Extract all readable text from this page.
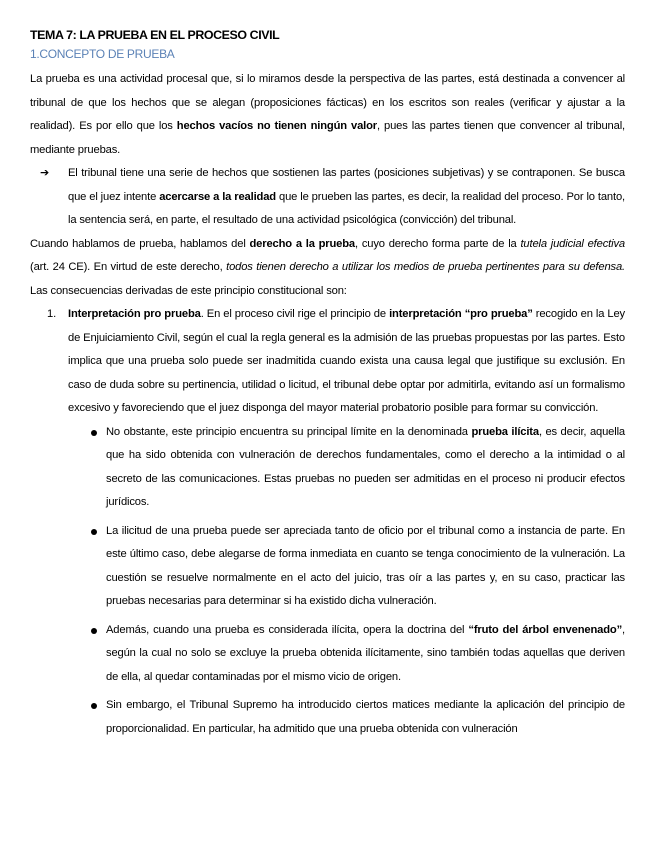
TEMA 7: LA PRUEBA EN EL PROCESO CIVIL
1.CONCEPTO DE PRUEBA

La prueba es una actividad procesal que, si lo miramos desde la perspectiva de las partes, está destinada a convencer al tribunal de que los hechos que se alegan (proposiciones fácticas) en los escritos son reales (verificar y ajustar a la realidad). Es por ello que los hechos vacíos no tienen ningún valor, pues las partes tienen que convencer al tribunal, mediante pruebas.

➔ El tribunal tiene una serie de hechos que sostienen las partes (posiciones subjetivas) y se contraponen. Se busca que el juez intente acercarse a la realidad que le prueben las partes, es decir, la realidad del proceso. Por lo tanto, la sentencia será, en parte, el resultado de una actividad psicológica (convicción) del tribunal.

Cuando hablamos de prueba, hablamos del derecho a la prueba, cuyo derecho forma parte de la tutela judicial efectiva (art. 24 CE). En virtud de este derecho, todos tienen derecho a utilizar los medios de prueba pertinentes para su defensa. Las consecuencias derivadas de este principio constitucional son:

1. Interpretación pro prueba. En el proceso civil rige el principio de interpretación “pro prueba” recogido en la Ley de Enjuiciamiento Civil, según el cual la regla general es la admisión de las pruebas propuestas por las partes. Esto implica que una prueba solo puede ser inadmitida cuando exista una causa legal que justifique su exclusión. En caso de duda sobre su pertinencia, utilidad o licitud, el tribunal debe optar por admitirla, evitando así un formalismo excesivo y favoreciendo que el juez disponga del mayor material probatorio posible para formar su convicción.
No obstante, este principio encuentra su principal límite en la denominada prueba ilícita, es decir, aquella que ha sido obtenida con vulneración de derechos fundamentales, como el derecho a la intimidad o al secreto de las comunicaciones. Estas pruebas no pueden ser admitidas en el proceso ni producir efectos jurídicos.
La ilicitud de una prueba puede ser apreciada tanto de oficio por el tribunal como a instancia de parte. En este último caso, debe alegarse de forma inmediata en cuanto se tenga conocimiento de la vulneración. La cuestión se resuelve normalmente en el acto del juicio, tras oír a las partes y, en su caso, practicar las pruebas necesarias para determinar si ha existido dicha vulneración.
Además, cuando una prueba es considerada ilícita, opera la doctrina del “fruto del árbol envenenado”, según la cual no solo se excluye la prueba obtenida ilícitamente, sino también todas aquellas que deriven de ella, al quedar contaminadas por el mismo vicio de origen.
Sin embargo, el Tribunal Supremo ha introducido ciertos matices mediante la aplicación del principio de proporcionalidad. En particular, ha admitido que una prueba obtenida con vulneración
